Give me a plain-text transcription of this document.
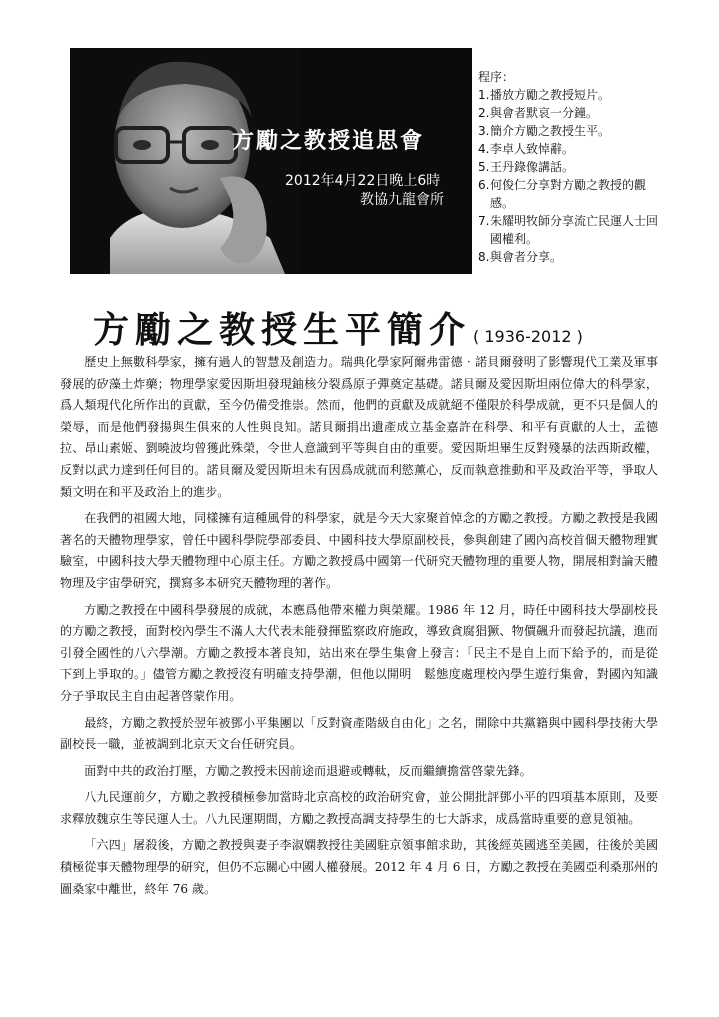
方勵之教授追思會
2012年4月22日晚上6時
教協九龍會所
程序：
1. 播放方勵之教授短片。
2. 與會者默哀一分鐘。
3. 簡介方勵之教授生平。
4. 李卓人致悼辭。
5. 王丹錄像講話。
6. 何俊仁分享對方勵之教授的觀感。
7. 朱耀明牧師分享流亡民運人士回國權利。
8. 與會者分享。
方勵之教授生平簡介 ( 1936-2012 )

歷史上無數科學家，擁有過人的智慧及創造力。瑞典化學家阿爾弗雷德‧諾貝爾發明了影響現代工業及軍事發展的矽藻土炸藥；物理學家愛因斯坦發現鈾核分裂爲原子彈奠定基礎。諾貝爾及愛因斯坦兩位偉大的科學家，爲人類現代化所作出的貢獻，至今仍備受推崇。然而，他們的貢獻及成就絕不僅限於科學成就，更不只是個人的榮辱，而是他們發揚與生俱來的人性與良知。諾貝爾捐出遺產成立基金嘉許在科學、和平有貢獻的人士，孟德拉、昂山素姬、劉曉波均曾獲此殊榮，令世人意識到平等與自由的重要。愛因斯坦畢生反對殘暴的法西斯政權，反對以武力達到任何目的。諾貝爾及愛因斯坦未有因爲成就而利慾薰心，反而執意推動和平及政治平等，爭取人類文明在和平及政治上的進步。

在我們的祖國大地，同樣擁有這種風骨的科學家，就是今天大家聚首悼念的方勵之教授。方勵之教授是我國著名的天體物理學家，曾任中國科學院學部委員、中國科技大學原副校長，參與創建了國內高校首個天體物理實驗室，中國科技大學天體物理中心原主任。方勵之教授爲中國第一代研究天體物理的重要人物，開展相對論天體物理及宇宙學研究，撰寫多本研究天體物理的著作。

方勵之教授在中國科學發展的成就，本應爲他帶來權力與榮耀。1986 年 12 月，時任中國科技大學副校長的方勵之教授，面對校內學生不滿人大代表未能發揮監察政府施政，導致貪腐猖獗、物價飆升而發起抗議，進而引發全國性的八六學潮。方勵之教授本著良知，站出來在學生集會上發言：「民主不是自上而下給予的，而是從下到上爭取的。」儘管方勵之教授沒有明確支持學潮，但他以開明　鬆態度處理校內學生遊行集會，對國內知識分子爭取民主自由起著啓蒙作用。

最終，方勵之教授於翌年被鄧小平集團以「反對資產階級自由化」之名，開除中共黨籍與中國科學技術大學副校長一職，並被調到北京天文台任研究員。

面對中共的政治打壓，方勵之教授未因前途而退避或轉軚，反而繼續擔當啓蒙先鋒。

八九民運前夕，方勵之教授積極參加當時北京高校的政治研究會，並公開批評鄧小平的四項基本原則，及要求釋放魏京生等民運人士。八九民運期間，方勵之教授高調支持學生的七大訴求，成爲當時重要的意見領袖。

「六四」屠殺後，方勵之教授與妻子李淑嫻教授往美國駐京領事館求助，其後經英國逃至美國，往後於美國積極從事天體物理學的研究，但仍不忘關心中國人權發展。2012 年 4 月 6 日，方勵之教授在美國亞利桑那州的圖桑家中離世，終年 76 歲。
